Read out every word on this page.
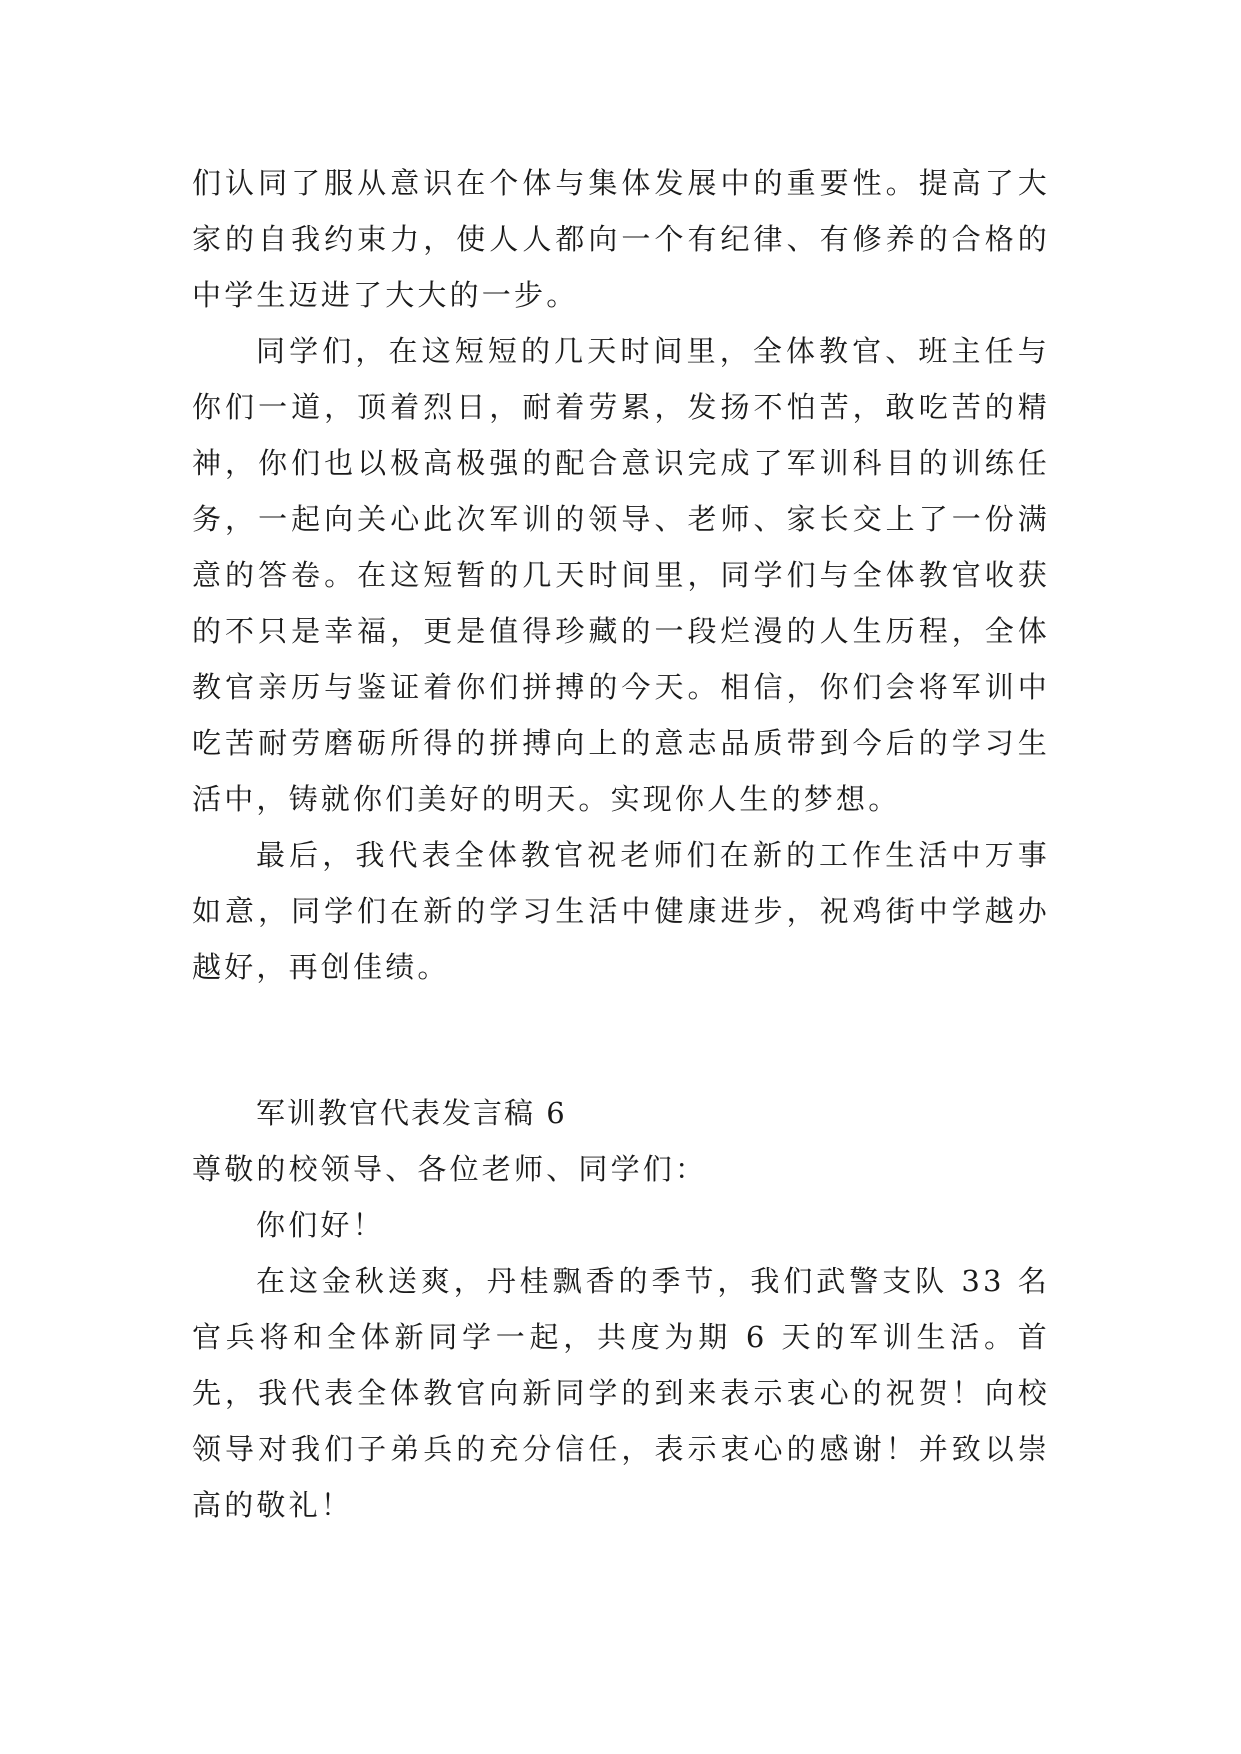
们认同了服从意识在个体与集体发展中的重要性。提高了大家的自我约束力，使人人都向一个有纪律、有修养的合格的中学生迈进了大大的一步。

同学们，在这短短的几天时间里，全体教官、班主任与你们一道，顶着烈日，耐着劳累，发扬不怕苦，敢吃苦的精神，你们也以极高极强的配合意识完成了军训科目的训练任务，一起向关心此次军训的领导、老师、家长交上了一份满意的答卷。在这短暂的几天时间里，同学们与全体教官收获的不只是幸福，更是值得珍藏的一段烂漫的人生历程，全体教官亲历与鉴证着你们拼搏的今天。相信，你们会将军训中吃苦耐劳磨砺所得的拼搏向上的意志品质带到今后的学习生活中，铸就你们美好的明天。实现你人生的梦想。

最后，我代表全体教官祝老师们在新的工作生活中万事如意，同学们在新的学习生活中健康进步，祝鸡街中学越办越好，再创佳绩。

军训教官代表发言稿 6

尊敬的校领导、各位老师、同学们：

你们好！

在这金秋送爽，丹桂飘香的季节，我们武警支队 33 名官兵将和全体新同学一起，共度为期 6 天的军训生活。首先，我代表全体教官向新同学的到来表示衷心的祝贺！向校领导对我们子弟兵的充分信任，表示衷心的感谢！并致以崇高的敬礼！
